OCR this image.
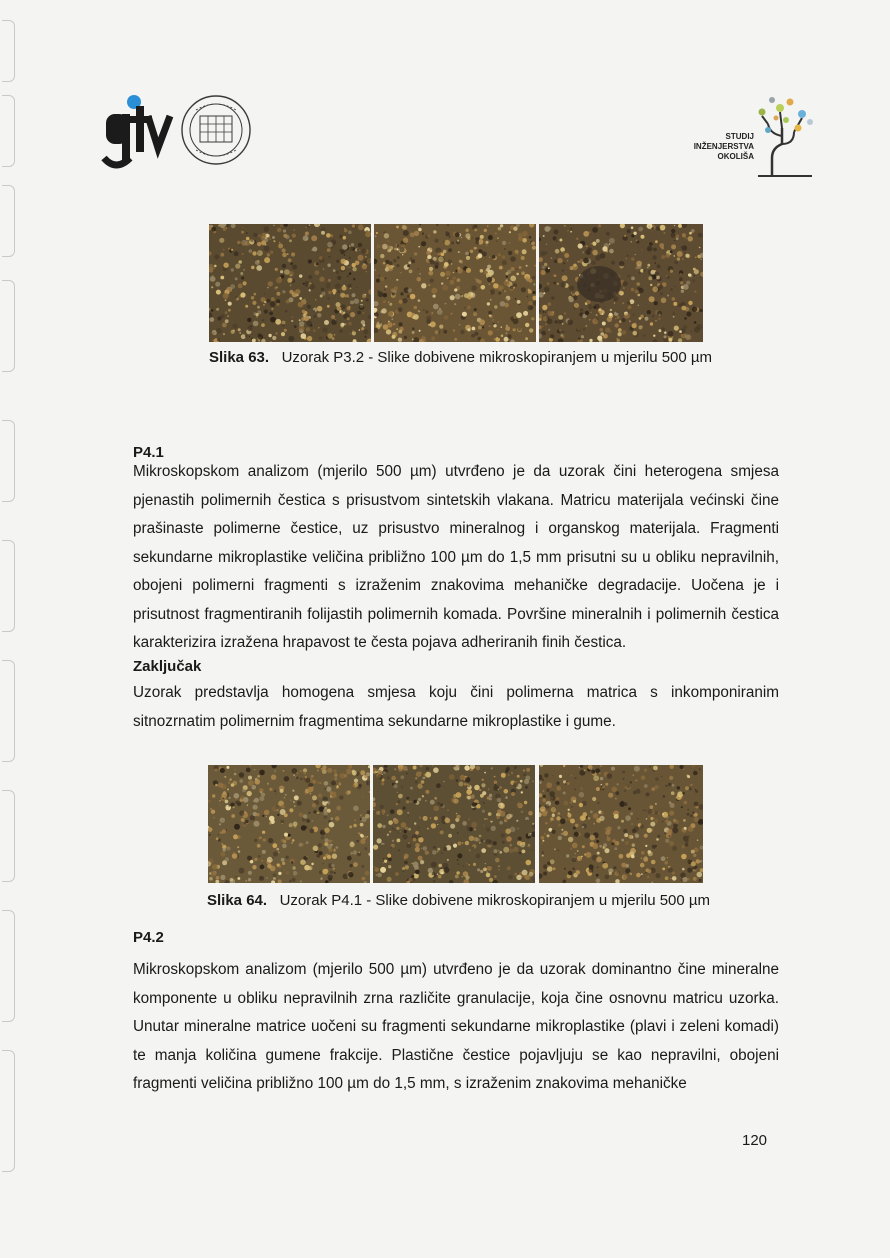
STUDIJ
INŽENJERSTVA
OKOLIŠA
Slika 63. Uzorak P3.2 - Slike dobivene mikroskopiranjem u mjerilu 500 µm
P4.1
Mikroskopskom analizom (mjerilo 500 µm) utvrđeno je da uzorak čini heterogena smjesa pjenastih polimernih čestica s prisustvom sintetskih vlakana. Matricu materijala većinski čine prašinaste polimerne čestice, uz prisustvo mineralnog i organskog materijala. Fragmenti sekundarne mikroplastike veličina približno 100 µm do 1,5 mm prisutni su u obliku nepravilnih, obojeni polimerni fragmenti s izraženim znakovima mehaničke degradacije. Uočena je i prisutnost fragmentiranih folijastih polimernih komada. Površine mineralnih i polimernih čestica karakterizira izražena hrapavost te česta pojava adheriranih finih čestica.
Zaključak
Uzorak predstavlja homogena smjesa koju čini polimerna matrica s inkomponiranim sitnozrnatim polimernim fragmentima sekundarne mikroplastike i gume.
Slika 64. Uzorak P4.1 - Slike dobivene mikroskopiranjem u mjerilu 500 µm
P4.2
Mikroskopskom analizom (mjerilo 500 µm) utvrđeno je da uzorak dominantno čine mineralne komponente u obliku nepravilnih zrna različite granulacije, koja čine osnovnu matricu uzorka. Unutar mineralne matrice uočeni su fragmenti sekundarne mikroplastike (plavi i zeleni komadi) te manja količina gumene frakcije. Plastične čestice pojavljuju se kao nepravilni, obojeni fragmenti veličina približno 100 µm do 1,5 mm, s izraženim znakovima mehaničke
120
